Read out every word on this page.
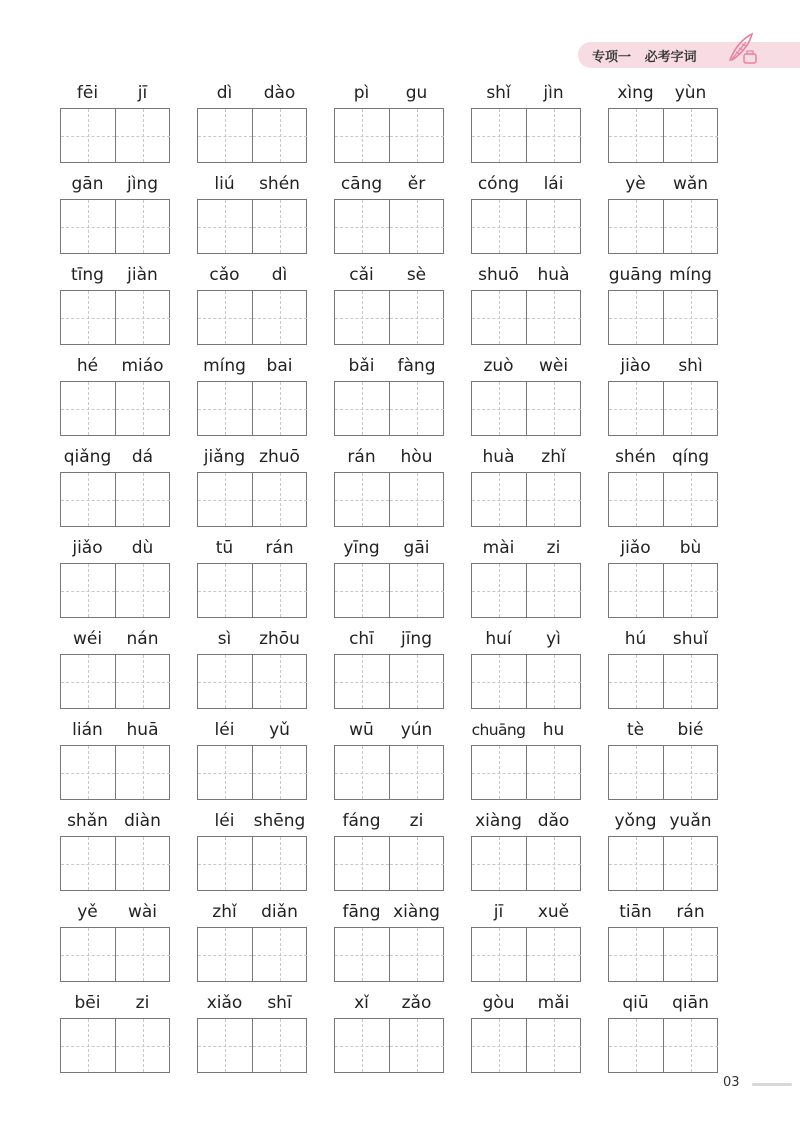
专项一 必考字词
fēi	jī	dì	dào	pì	gu	shǐ	jìn	xìng	yùn
gān	jìng	liú	shén	cāng	ěr	cóng	lái	yè	wǎn
tīng	jiàn	cǎo	dì	cǎi	sè	shuō	huà	guāng míng
hé	miáo	míng	bai	bǎi	fàng	zuò	wèi	jiào	shì
qiǎng	dá	jiǎng zhuō	rán	hòu	huà	zhǐ	shén qíng
jiǎo	dù	tū	rán	yīng	gāi	mài	zi	jiǎo	bù
wéi	nán	sì	zhōu	chī	jīng	huí	yì	hú	shuǐ
lián	huā	léi	yǔ	wū	yún	chuāng	hu	tè	bié
shǎn diàn	léi	shēng	fáng	zi	xiàng dǎo	yǒng yuǎn
yě	wài	zhǐ	diǎn	fāng xiàng	jī	xuě	tiān	rán
bēi	zi	xiǎo	shī	xǐ	zǎo	gòu	mǎi	qiū	qiān
03
